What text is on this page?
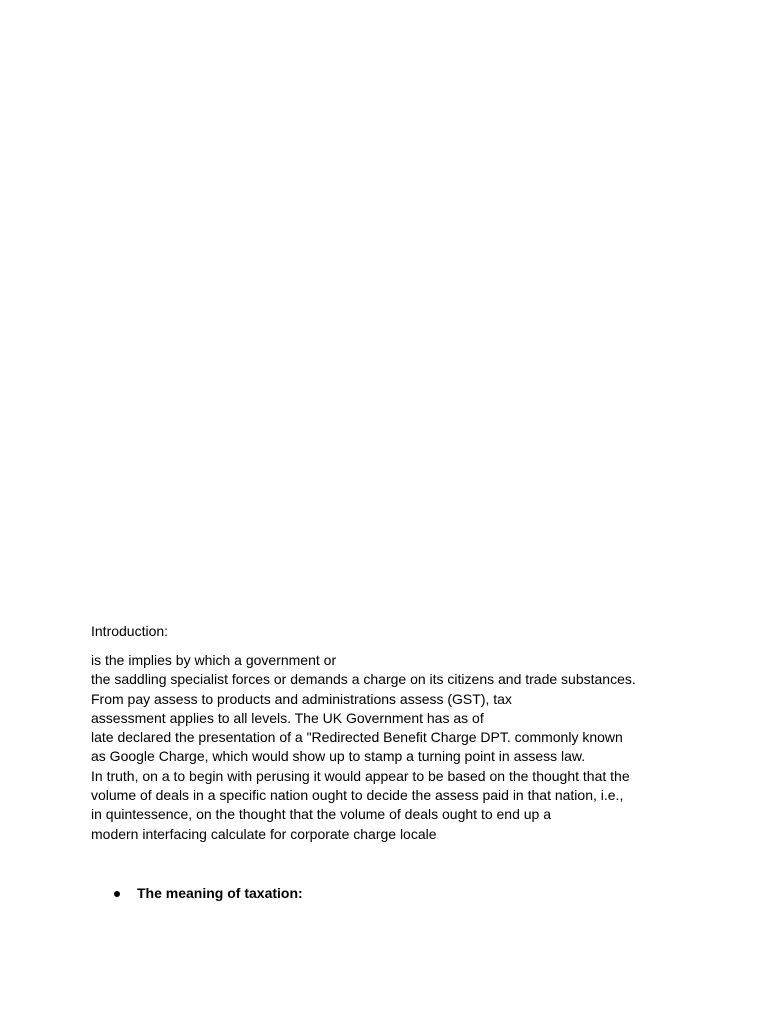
Introduction:

is the implies by which a government or
the saddling specialist forces or demands a charge on its citizens and trade substances.
From pay assess to products and administrations assess (GST), tax
assessment applies to all levels. The UK Government has as of
late declared the presentation of a "Redirected Benefit Charge DPT. commonly known
as Google Charge, which would show up to stamp a turning point in assess law.
In truth, on a to begin with perusing it would appear to be based on the thought that the
volume of deals in a specific nation ought to decide the assess paid in that nation, i.e.,
in quintessence, on the thought that the volume of deals ought to end up a
modern interfacing calculate for corporate charge locale
The meaning of taxation:
